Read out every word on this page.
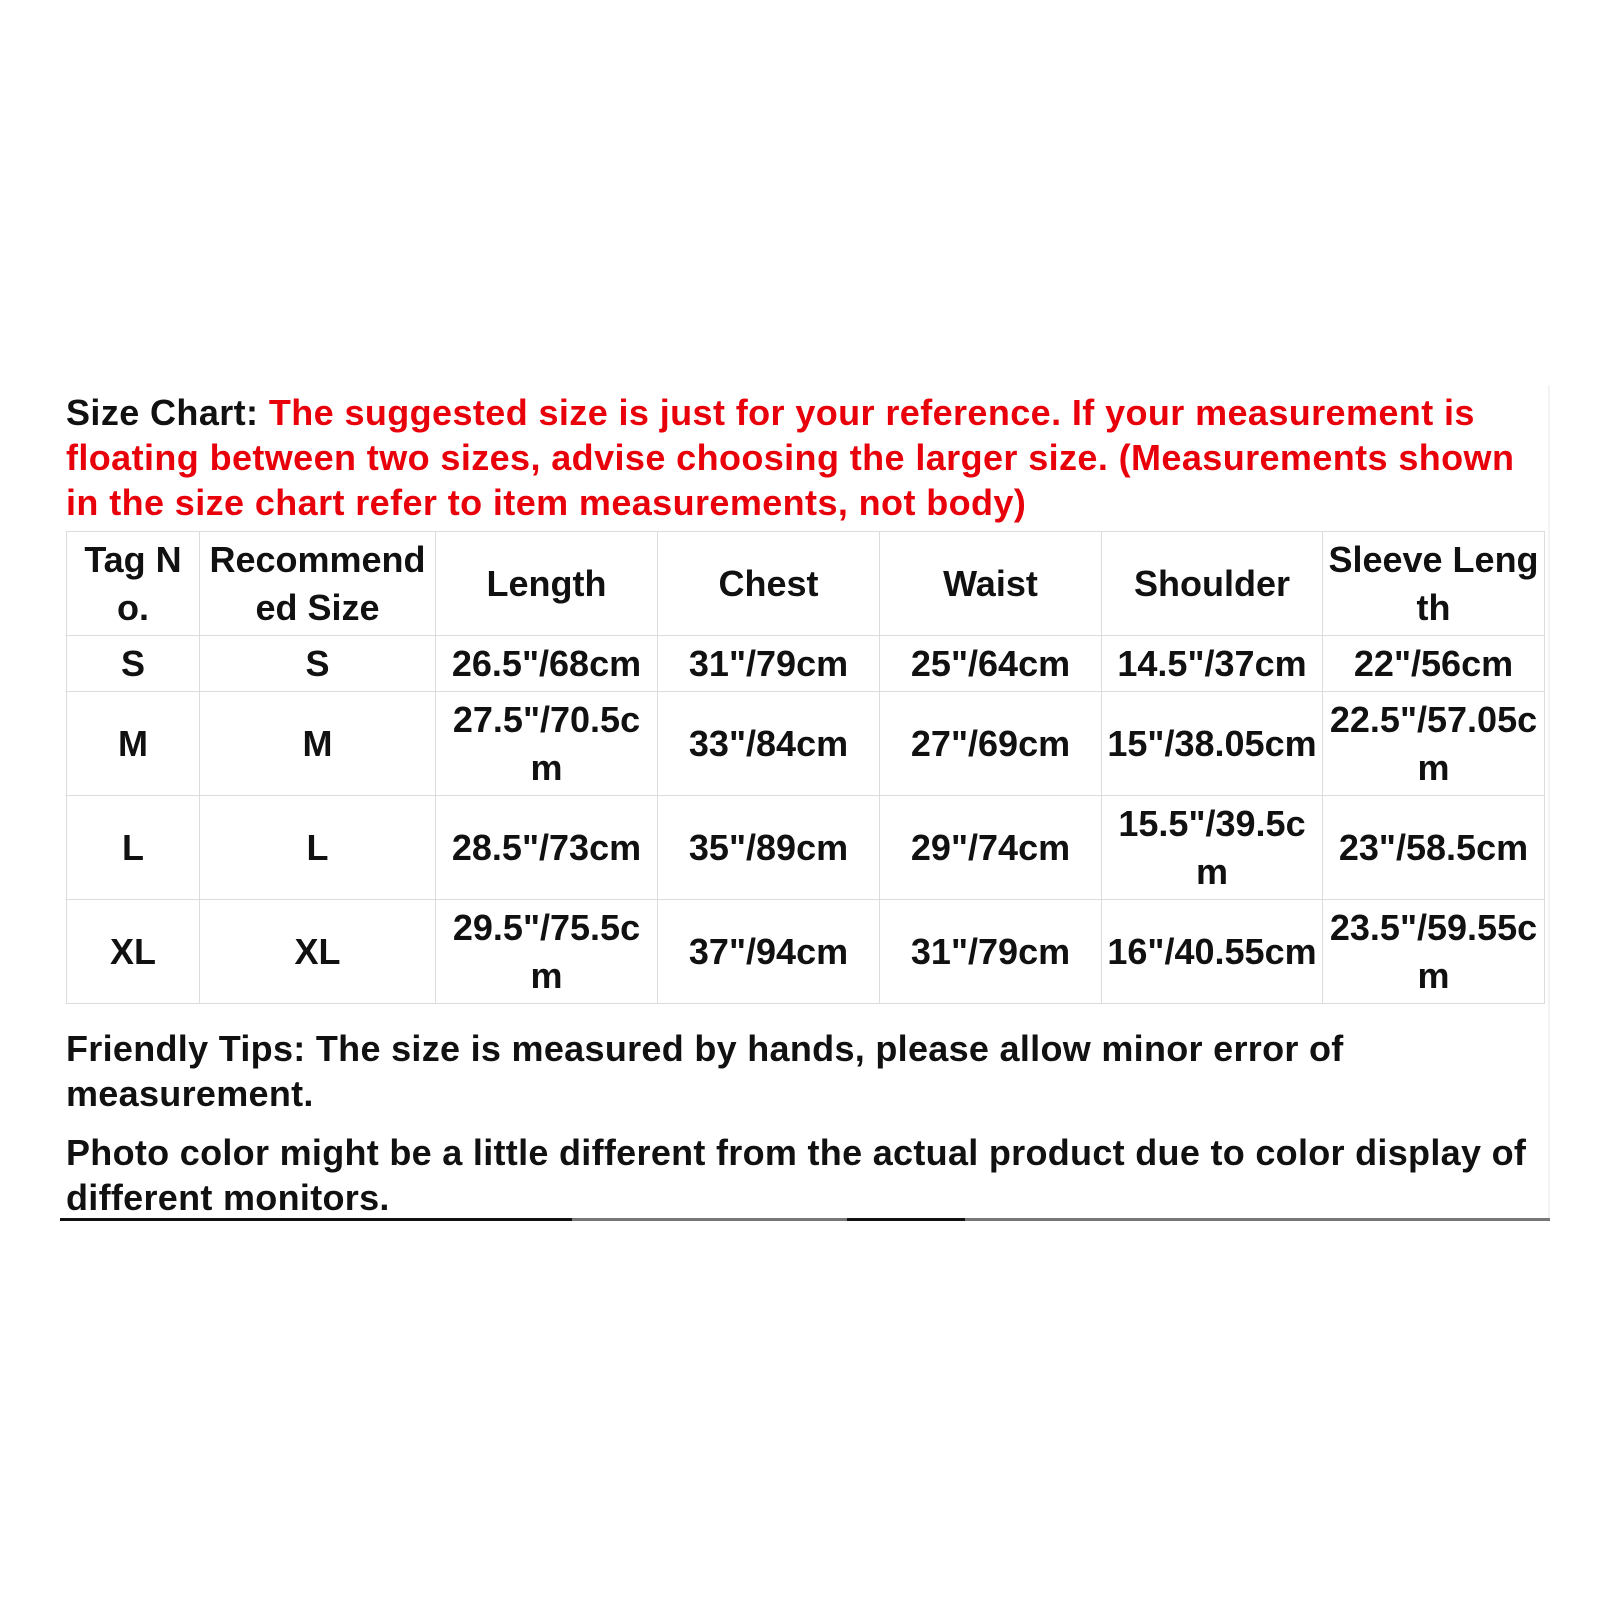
Size Chart: The suggested size is just for your reference. If your measurement is floating between two sizes, advise choosing the larger size. (Measurements shown in the size chart refer to item measurements, not body)

Tag No.	Recommended Size	Length	Chest	Waist	Shoulder	Sleeve Length
S	S	26.5"/68cm	31"/79cm	25"/64cm	14.5"/37cm	22"/56cm
M	M	27.5"/70.5cm	33"/84cm	27"/69cm	15"/38.05cm	22.5"/57.05cm
L	L	28.5"/73cm	35"/89cm	29"/74cm	15.5"/39.5cm	23"/58.5cm
XL	XL	29.5"/75.5cm	37"/94cm	31"/79cm	16"/40.55cm	23.5"/59.55cm

Friendly Tips: The size is measured by hands, please allow minor error of measurement.

Photo color might be a little different from the actual product due to color display of different monitors.
